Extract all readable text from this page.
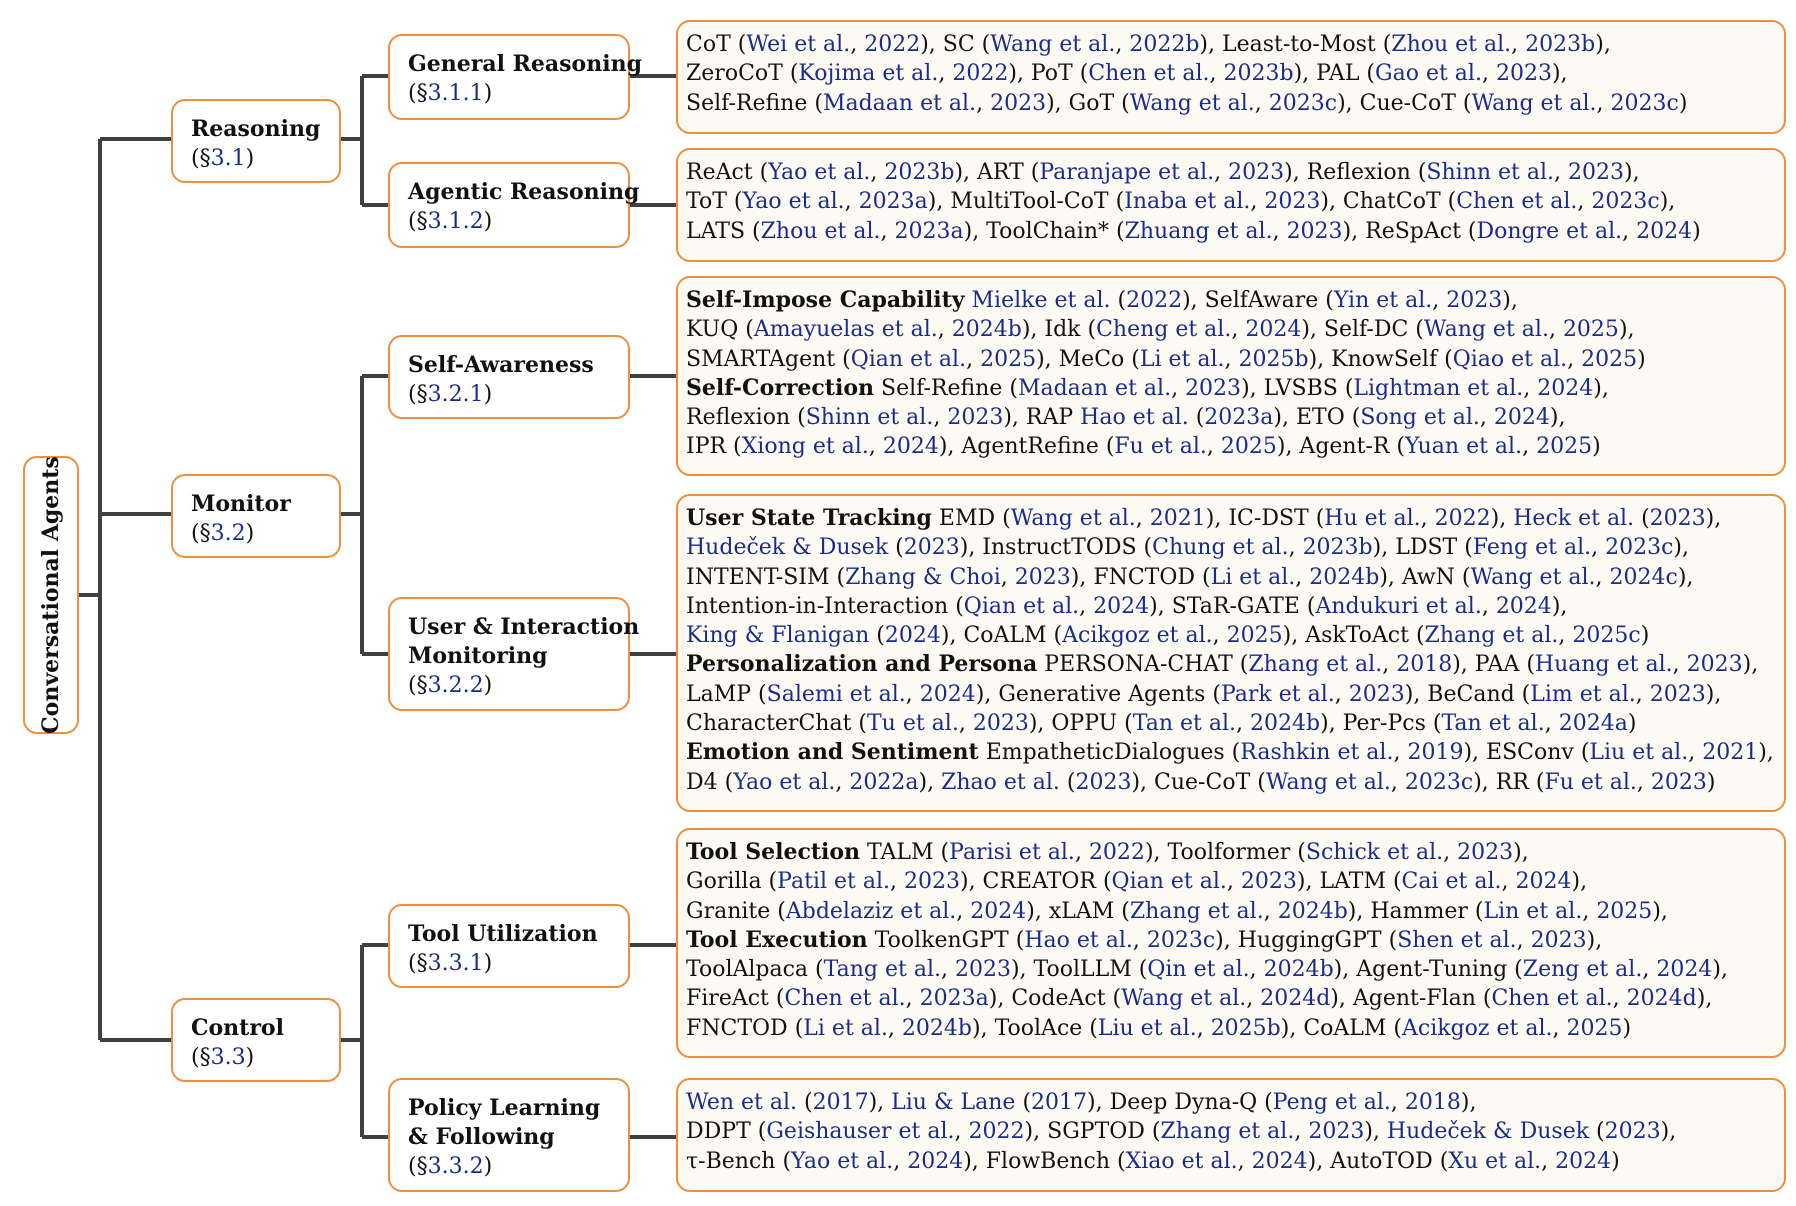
Conversational Agents
Reasoning
(§3.1)
Monitor
(§3.2)
Control
(§3.3)
General Reasoning
(§3.1.1)
Agentic Reasoning
(§3.1.2)
Self-Awareness
(§3.2.1)
User & Interaction
Monitoring
(§3.2.2)
Tool Utilization
(§3.3.1)
Policy Learning
& Following
(§3.3.2)
CoT (Wei et al., 2022), SC (Wang et al., 2022b), Least-to-Most (Zhou et al., 2023b),
ZeroCoT (Kojima et al., 2022), PoT (Chen et al., 2023b), PAL (Gao et al., 2023),
Self-Refine (Madaan et al., 2023), GoT (Wang et al., 2023c), Cue-CoT (Wang et al., 2023c)
ReAct (Yao et al., 2023b), ART (Paranjape et al., 2023), Reflexion (Shinn et al., 2023),
ToT (Yao et al., 2023a), MultiTool-CoT (Inaba et al., 2023), ChatCoT (Chen et al., 2023c),
LATS (Zhou et al., 2023a), ToolChain* (Zhuang et al., 2023), ReSpAct (Dongre et al., 2024)
Self-Impose Capability Mielke et al. (2022), SelfAware (Yin et al., 2023),
KUQ (Amayuelas et al., 2024b), Idk (Cheng et al., 2024), Self-DC (Wang et al., 2025),
SMARTAgent (Qian et al., 2025), MeCo (Li et al., 2025b), KnowSelf (Qiao et al., 2025)
Self-Correction Self-Refine (Madaan et al., 2023), LVSBS (Lightman et al., 2024),
Reflexion (Shinn et al., 2023), RAP Hao et al. (2023a), ETO (Song et al., 2024),
IPR (Xiong et al., 2024), AgentRefine (Fu et al., 2025), Agent-R (Yuan et al., 2025)
User State Tracking EMD (Wang et al., 2021), IC-DST (Hu et al., 2022), Heck et al. (2023),
Hudeček & Dusek (2023), InstructTODS (Chung et al., 2023b), LDST (Feng et al., 2023c),
INTENT-SIM (Zhang & Choi, 2023), FNCTOD (Li et al., 2024b), AwN (Wang et al., 2024c),
Intention-in-Interaction (Qian et al., 2024), STaR-GATE (Andukuri et al., 2024),
King & Flanigan (2024), CoALM (Acikgoz et al., 2025), AskToAct (Zhang et al., 2025c)
Personalization and Persona PERSONA-CHAT (Zhang et al., 2018), PAA (Huang et al., 2023),
LaMP (Salemi et al., 2024), Generative Agents (Park et al., 2023), BeCand (Lim et al., 2023),
CharacterChat (Tu et al., 2023), OPPU (Tan et al., 2024b), Per-Pcs (Tan et al., 2024a)
Emotion and Sentiment EmpatheticDialogues (Rashkin et al., 2019), ESConv (Liu et al., 2021),
D4 (Yao et al., 2022a), Zhao et al. (2023), Cue-CoT (Wang et al., 2023c), RR (Fu et al., 2023)
Tool Selection TALM (Parisi et al., 2022), Toolformer (Schick et al., 2023),
Gorilla (Patil et al., 2023), CREATOR (Qian et al., 2023), LATM (Cai et al., 2024),
Granite (Abdelaziz et al., 2024), xLAM (Zhang et al., 2024b), Hammer (Lin et al., 2025),
Tool Execution ToolkenGPT (Hao et al., 2023c), HuggingGPT (Shen et al., 2023),
ToolAlpaca (Tang et al., 2023), ToolLLM (Qin et al., 2024b), Agent-Tuning (Zeng et al., 2024),
FireAct (Chen et al., 2023a), CodeAct (Wang et al., 2024d), Agent-Flan (Chen et al., 2024d),
FNCTOD (Li et al., 2024b), ToolAce (Liu et al., 2025b), CoALM (Acikgoz et al., 2025)
Wen et al. (2017), Liu & Lane (2017), Deep Dyna-Q (Peng et al., 2018),
DDPT (Geishauser et al., 2022), SGPTOD (Zhang et al., 2023), Hudeček & Dusek (2023),
τ-Bench (Yao et al., 2024), FlowBench (Xiao et al., 2024), AutoTOD (Xu et al., 2024)
